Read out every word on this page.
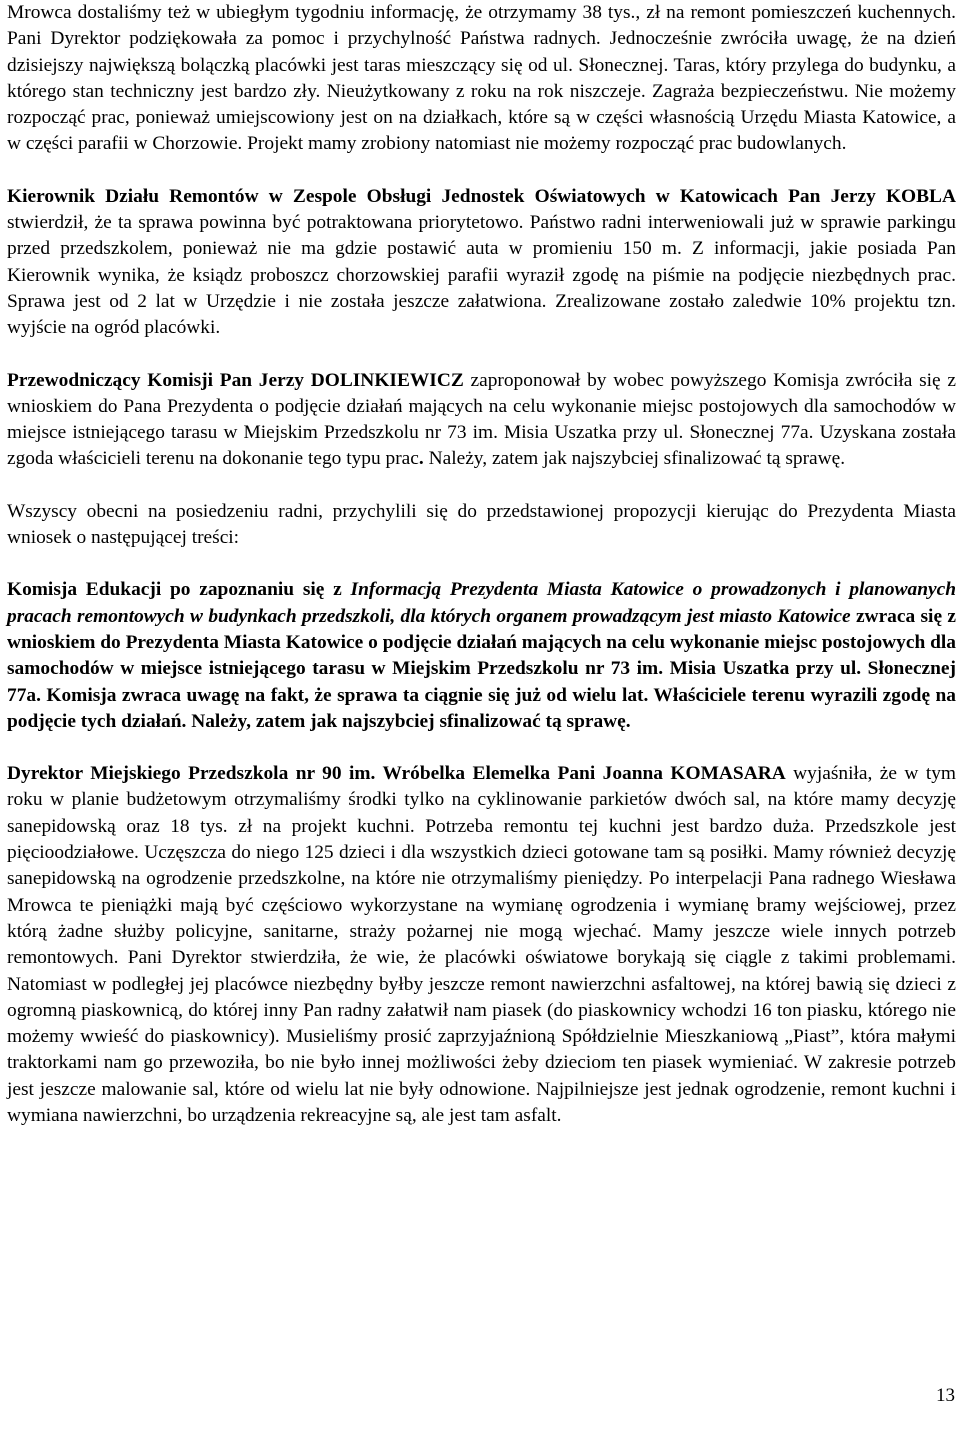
Mrowca dostaliśmy też w ubiegłym tygodniu informację, że otrzymamy 38 tys., zł na remont pomieszczeń kuchennych. Pani Dyrektor podziękowała za pomoc i przychylność Państwa radnych. Jednocześnie zwróciła uwagę, że na dzień dzisiejszy największą bolączką placówki jest taras mieszczący się od ul. Słonecznej. Taras, który przylega do budynku, a którego stan techniczny jest bardzo zły. Nieużytkowany z roku na rok niszczeje. Zagraża bezpieczeństwu. Nie możemy rozpocząć prac, ponieważ umiejscowiony jest on na działkach, które są w części własnością Urzędu Miasta Katowice, a w części parafii w Chorzowie. Projekt mamy zrobiony natomiast nie możemy rozpocząć prac budowlanych.

Kierownik Działu Remontów w Zespole Obsługi Jednostek Oświatowych w Katowicach Pan Jerzy KOBLA stwierdził, że ta sprawa powinna być potraktowana priorytetowo. Państwo radni interweniowali już w sprawie parkingu przed przedszkolem, ponieważ nie ma gdzie postawić auta w promieniu 150 m. Z informacji, jakie posiada Pan Kierownik wynika, że ksiądz proboszcz chorzowskiej parafii wyraził zgodę na piśmie na podjęcie niezbędnych prac. Sprawa jest od 2 lat w Urzędzie i nie została jeszcze załatwiona. Zrealizowane zostało zaledwie 10% projektu tzn. wyjście na ogród placówki.

Przewodniczący Komisji Pan Jerzy DOLINKIEWICZ zaproponował by wobec powyższego Komisja zwróciła się z wnioskiem do Pana Prezydenta o podjęcie działań mających na celu wykonanie miejsc postojowych dla samochodów w miejsce istniejącego tarasu w Miejskim Przedszkolu nr 73 im. Misia Uszatka przy ul. Słonecznej 77a. Uzyskana została zgoda właścicieli terenu na dokonanie tego typu prac. Należy, zatem jak najszybciej sfinalizować tą sprawę.

Wszyscy obecni na posiedzeniu radni, przychylili się do przedstawionej propozycji kierując do Prezydenta Miasta wniosek o następującej treści:

Komisja Edukacji po zapoznaniu się z Informacją Prezydenta Miasta Katowice o prowadzonych i planowanych pracach remontowych w budynkach przedszkoli, dla których organem prowadzącym jest miasto Katowice zwraca się z wnioskiem do Prezydenta Miasta Katowice o podjęcie działań mających na celu wykonanie miejsc postojowych dla samochodów w miejsce istniejącego tarasu w Miejskim Przedszkolu nr 73 im. Misia Uszatka przy ul. Słonecznej 77a. Komisja zwraca uwagę na fakt, że sprawa ta ciągnie się już od wielu lat. Właściciele terenu wyrazili zgodę na podjęcie tych działań. Należy, zatem jak najszybciej sfinalizować tą sprawę.

Dyrektor Miejskiego Przedszkola nr 90 im. Wróbelka Elemelka Pani Joanna KOMASARA wyjaśniła, że w tym roku w planie budżetowym otrzymaliśmy środki tylko na cyklinowanie parkietów dwóch sal, na które mamy decyzję sanepidowską oraz 18 tys. zł na projekt kuchni. Potrzeba remontu tej kuchni jest bardzo duża. Przedszkole jest pięcioodziałowe. Uczęszcza do niego 125 dzieci i dla wszystkich dzieci gotowane tam są posiłki. Mamy również decyzję sanepidowską na ogrodzenie przedszkolne, na które nie otrzymaliśmy pieniędzy. Po interpelacji Pana radnego Wiesława Mrowca te pieniążki mają być częściowo wykorzystane na wymianę ogrodzenia i wymianę bramy wejściowej, przez którą żadne służby policyjne, sanitarne, straży pożarnej nie mogą wjechać. Mamy jeszcze wiele innych potrzeb remontowych. Pani Dyrektor stwierdziła, że wie, że placówki oświatowe borykają się ciągle z takimi problemami. Natomiast w podległej jej placówce niezbędny byłby jeszcze remont nawierzchni asfaltowej, na której bawią się dzieci z ogromną piaskownicą, do której inny Pan radny załatwił nam piasek (do piaskownicy wchodzi 16 ton piasku, którego nie możemy wwieść do piaskownicy). Musieliśmy prosić zaprzyjaźnioną Spółdzielnie Mieszkaniową „Piast”, która małymi traktorkami nam go przewoziła, bo nie było innej możliwości żeby dzieciom ten piasek wymieniać. W zakresie potrzeb jest jeszcze malowanie sal, które od wielu lat nie były odnowione. Najpilniejsze jest jednak ogrodzenie, remont kuchni i wymiana nawierzchni, bo urządzenia rekreacyjne są, ale jest tam asfalt.

13
